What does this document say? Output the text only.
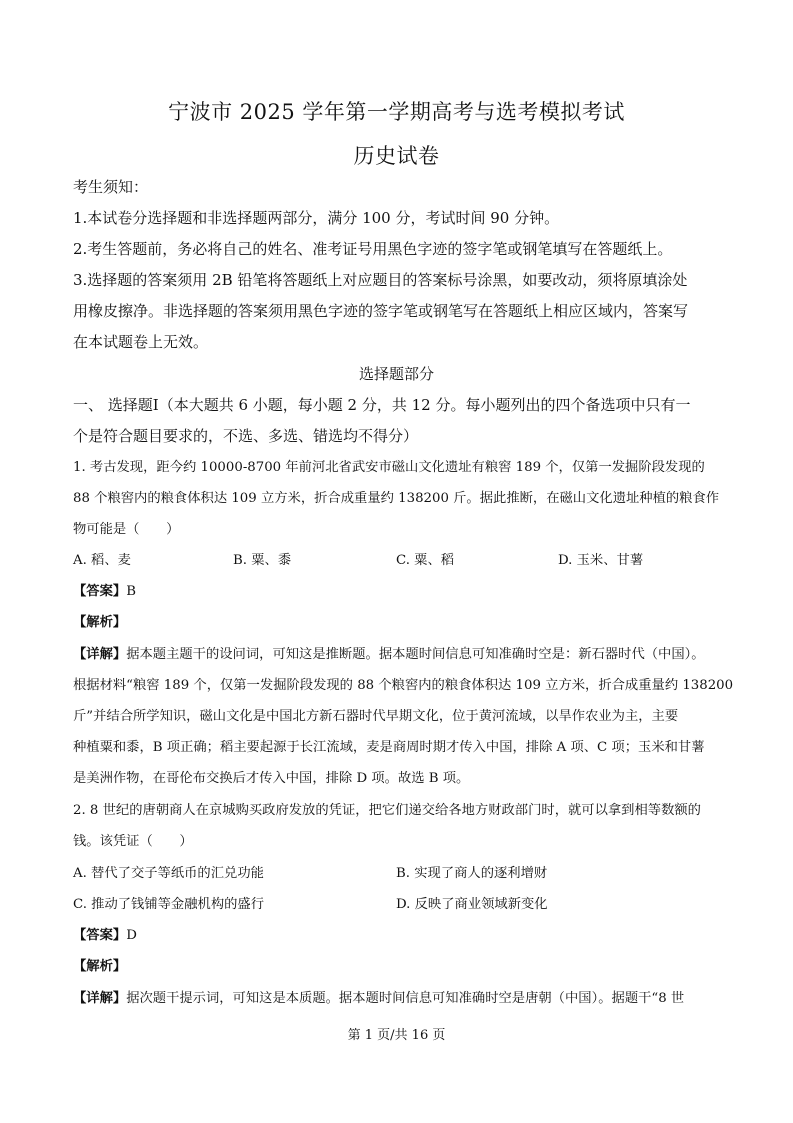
宁波市 2025 学年第一学期高考与选考模拟考试
历史试卷
考生须知：
1.本试卷分选择题和非选择题两部分，满分 100 分，考试时间 90 分钟。
2.考生答题前，务必将自己的姓名、准考证号用黑色字迹的签字笔或钢笔填写在答题纸上。
3.选择题的答案须用 2B 铅笔将答题纸上对应题目的答案标号涂黑，如要改动，须将原填涂处
用橡皮擦净。非选择题的答案须用黑色字迹的签字笔或钢笔写在答题纸上相应区域内，答案写
在本试题卷上无效。
选择题部分
一、 选择题Ⅰ（本大题共 6 小题，每小题 2 分，共 12 分。每小题列出的四个备选项中只有一
个是符合题目要求的，不选、多选、错选均不得分）
1. 考古发现，距今约 10000-8700 年前河北省武安市磁山文化遗址有粮窖 189 个，仅第一发掘阶段发现的
88 个粮窖内的粮食体积达 109 立方米，折合成重量约 138200 斤。据此推断，在磁山文化遗址种植的粮食作
物可能是（　　）
A. 稻、麦	B. 粟、黍	C. 粟、稻	D. 玉米、甘薯
【答案】B
【解析】
【详解】据本题主题干的设问词，可知这是推断题。据本题时间信息可知准确时空是：新石器时代（中国）。
根据材料“粮窖 189 个，仅第一发掘阶段发现的 88 个粮窖内的粮食体积达 109 立方米，折合成重量约 138200
斤”并结合所学知识，磁山文化是中国北方新石器时代早期文化，位于黄河流域，以旱作农业为主，主要
种植粟和黍，B 项正确；稻主要起源于长江流域，麦是商周时期才传入中国，排除 A 项、C 项；玉米和甘薯
是美洲作物，在哥伦布交换后才传入中国，排除 D 项。故选 B 项。
2. 8 世纪的唐朝商人在京城购买政府发放的凭证，把它们递交给各地方财政部门时，就可以拿到相等数额的
钱。该凭证（　　）
A. 替代了交子等纸币的汇兑功能	B. 实现了商人的逐利增财
C. 推动了钱铺等金融机构的盛行	D. 反映了商业领域新变化
【答案】D
【解析】
【详解】据次题干提示词，可知这是本质题。据本题时间信息可知准确时空是唐朝（中国）。据题干“8 世
第 1 页/共 16 页
